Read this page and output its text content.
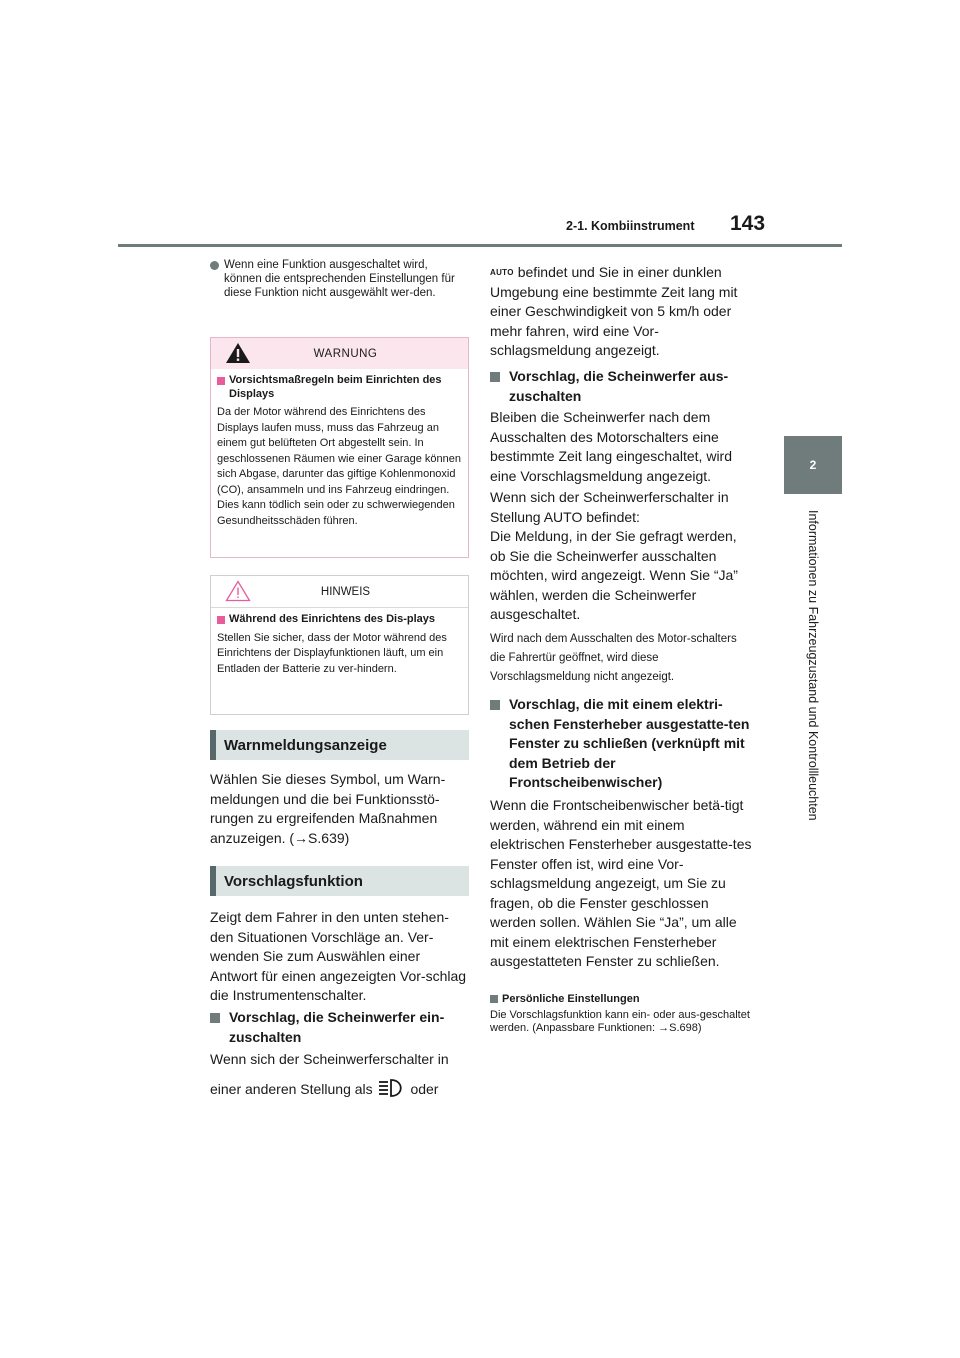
2-1. Kombiinstrument 143
2
Informationen zu Fahrzeugzustand und Kontrollleuchten
Wenn eine Funktion ausgeschaltet wird, können die entsprechenden Einstellungen für diese Funktion nicht ausgewählt wer-den.
WARNUNG
Vorsichtsmaßregeln beim Einrichten des Displays
Da der Motor während des Einrichtens des Displays laufen muss, muss das Fahrzeug an einem gut belüfteten Ort abgestellt sein. In geschlossenen Räumen wie einer Garage können sich Abgase, darunter das giftige Kohlenmonoxid (CO), ansammeln und ins Fahrzeug eindringen. Dies kann tödlich sein oder zu schwerwiegenden Gesundheitsschäden führen.
HINWEIS
Während des Einrichtens des Dis-plays
Stellen Sie sicher, dass der Motor während des Einrichtens der Displayfunktionen läuft, um ein Entladen der Batterie zu ver-hindern.
Warnmeldungsanzeige
Wählen Sie dieses Symbol, um Warn-meldungen und die bei Funktionsstö-rungen zu ergreifenden Maßnahmen anzuzeigen. (→S.639)
Vorschlagsfunktion
Zeigt dem Fahrer in den unten stehen-den Situationen Vorschläge an. Ver-wenden Sie zum Auswählen einer Antwort für einen angezeigten Vor-schlag die Instrumentenschalter.
Vorschlag, die Scheinwerfer ein-zuschalten
Wenn sich der Scheinwerferschalter in
einer anderen Stellung als	oder
AUTO befindet und Sie in einer dunklen Umgebung eine bestimmte Zeit lang mit einer Geschwindigkeit von 5 km/h oder mehr fahren, wird eine Vor-schlagsmeldung angezeigt.
Vorschlag, die Scheinwerfer aus-zuschalten
Bleiben die Scheinwerfer nach dem Ausschalten des Motorschalters eine bestimmte Zeit lang eingeschaltet, wird eine Vorschlagsmeldung angezeigt.
Wenn sich der Scheinwerferschalter in Stellung AUTO befindet:
Die Meldung, in der Sie gefragt werden, ob Sie die Scheinwerfer ausschalten möchten, wird angezeigt. Wenn Sie “Ja” wählen, werden die Scheinwerfer ausgeschaltet.
Wird nach dem Ausschalten des Motor-schalters die Fahrertür geöffnet, wird diese Vorschlagsmeldung nicht angezeigt.
Vorschlag, die mit einem elektri-schen Fensterheber ausgestatte-ten Fenster zu schließen (verknüpft mit dem Betrieb der Frontscheibenwischer)
Wenn die Frontscheibenwischer betä-tigt werden, während ein mit einem elektrischen Fensterheber ausgestatte-tes Fenster offen ist, wird eine Vor-schlagsmeldung angezeigt, um Sie zu fragen, ob die Fenster geschlossen werden sollen. Wählen Sie “Ja”, um alle mit einem elektrischen Fensterheber ausgestatteten Fenster zu schließen.
Persönliche Einstellungen
Die Vorschlagsfunktion kann ein- oder aus-geschaltet werden. (Anpassbare Funktionen: →S.698)
